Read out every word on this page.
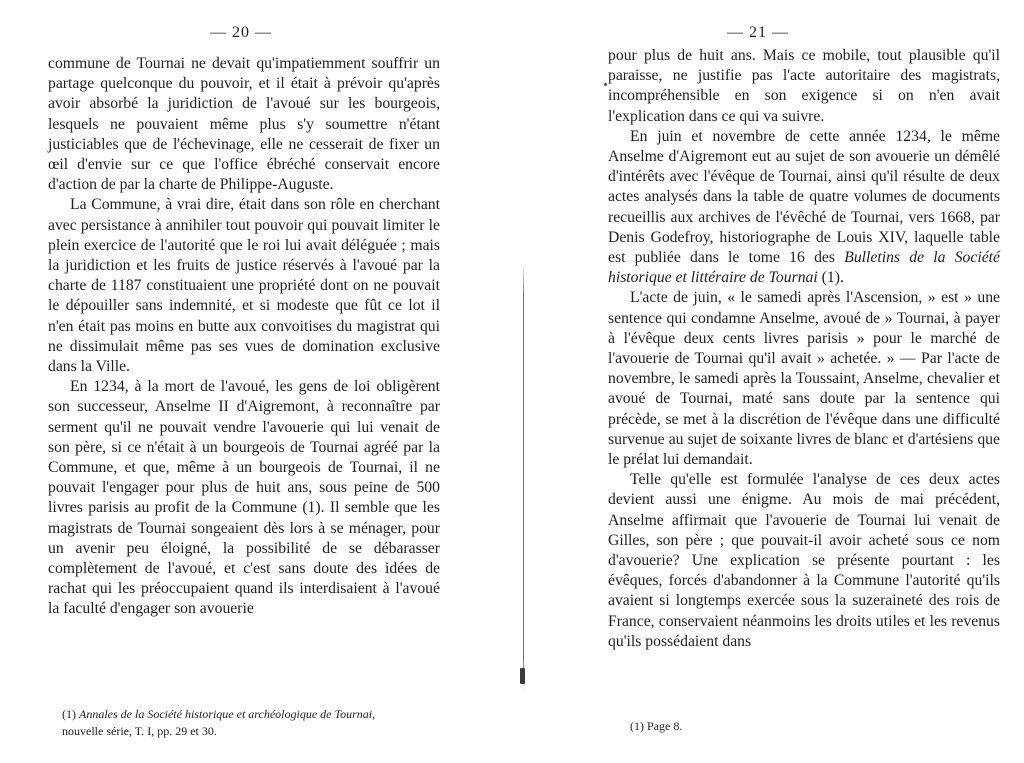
— 20 —

commune de Tournai ne devait qu'impatiemment souffrir un partage quelconque du pouvoir, et il était à prévoir qu'après avoir absorbé la juridiction de l'avoué sur les bourgeois, lesquels ne pouvaient même plus s'y soumettre n'étant justiciables que de l'échevinage, elle ne cesserait de fixer un œil d'envie sur ce que l'office ébréché conservait encore d'action de par la charte de Philippe-Auguste.

La Commune, à vrai dire, était dans son rôle en cherchant avec persistance à annihiler tout pouvoir qui pouvait limiter le plein exercice de l'autorité que le roi lui avait déléguée ; mais la juridiction et les fruits de justice réservés à l'avoué par la charte de 1187 constituaient une propriété dont on ne pouvait le dépouiller sans indemnité, et si modeste que fût ce lot il n'en était pas moins en butte aux convoitises du magistrat qui ne dissimulait même pas ses vues de domination exclusive dans la Ville.

En 1234, à la mort de l'avoué, les gens de loi obligèrent son successeur, Anselme II d'Aigremont, à reconnaître par serment qu'il ne pouvait vendre l'avouerie qui lui venait de son père, si ce n'était à un bourgeois de Tournai agréé par la Commune, et que, même à un bourgeois de Tournai, il ne pouvait l'engager pour plus de huit ans, sous peine de 500 livres parisis au profit de la Commune (1). Il semble que les magistrats de Tournai songeaient dès lors à se ménager, pour un avenir peu éloigné, la possibilité de se débarasser complètement de l'avoué, et c'est sans doute des idées de rachat qui les préoccupaient quand ils interdisaient à l'avoué la faculté d'engager son avouerie

(1) Annales de la Société historique et archéologique de Tournai,
nouvelle série, T. I, pp. 29 et 30.
— 21 —

pour plus de huit ans. Mais ce mobile, tout plausible qu'il paraisse, ne justifie pas l'acte autoritaire des magistrats, incompréhensible en son exigence si on n'en avait l'explication dans ce qui va suivre.

En juin et novembre de cette année 1234, le même Anselme d'Aigremont eut au sujet de son avouerie un démêlé d'intérêts avec l'évêque de Tournai, ainsi qu'il résulte de deux actes analysés dans la table de quatre volumes de documents recueillis aux archives de l'évêché de Tournai, vers 1668, par Denis Godefroy, historiographe de Louis XIV, laquelle table est publiée dans le tome 16 des Bulletins de la Société historique et littéraire de Tournai (1).

L'acte de juin, « le samedi après l'Ascension, » est » une sentence qui condamne Anselme, avoué de » Tournai, à payer à l'évêque deux cents livres parisis » pour le marché de l'avouerie de Tournai qu'il avait » achetée. » — Par l'acte de novembre, le samedi après la Toussaint, Anselme, chevalier et avoué de Tournai, maté sans doute par la sentence qui précède, se met à la discrétion de l'évêque dans une difficulté survenue au sujet de soixante livres de blanc et d'artésiens que le prélat lui demandait.

Telle qu'elle est formulée l'analyse de ces deux actes devient aussi une énigme. Au mois de mai précédent, Anselme affirmait que l'avouerie de Tournai lui venait de Gilles, son père ; que pouvait-il avoir acheté sous ce nom d'avouerie? Une explication se présente pourtant : les évêques, forcés d'abandonner à la Commune l'autorité qu'ils avaient si longtemps exercée sous la suzeraineté des rois de France, conservaient néanmoins les droits utiles et les revenus qu'ils possédaient dans

(1) Page 8.
